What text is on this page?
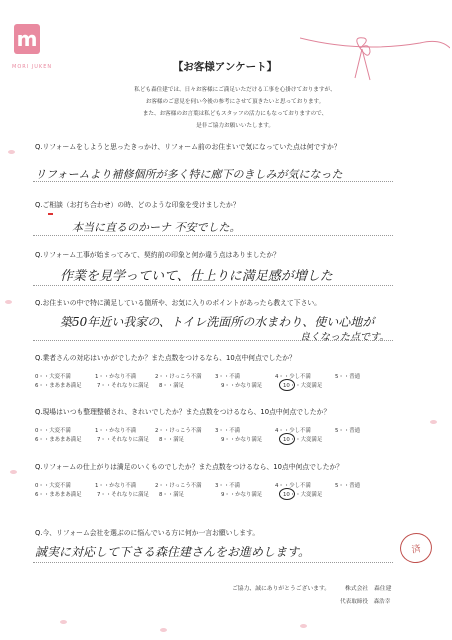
m
MORI JUKEN	【お客様アンケート】
私ども森住建では、日々お客様にご満足いただける工事を心掛けておりますが、
お客様のご意見を伺い今後の参考にさせて頂きたいと思っております。
また、お客様のお言葉は私どもスタッフの活力にもなっておりますので、
是非ご協力お願いいたします。
Q.リフォームをしようと思ったきっかけ、リフォーム前のお住まいで気になっていた点は何ですか？
リフォームより補修個所が多く特に廊下のきしみが気になった
Q.ご相談（お打ち合わせ）の時、どのような印象を受けましたか？
本当に直るのかーナ 不安でした。
Q.リフォーム工事が始まってみて、契約前の印象と何か違う点はありましたか？
作業を見学っていて、仕上りに満足感が増した
Q.お住まいの中で特に満足している箇所や、お気に入りのポイントがあったら教えて下さい。
築50年近い我家の、トイレ洗面所の水まわり、使い心地が
良くなった点です。
Q.業者さんの対応はいかがでしたか？また点数をつけるなら、10点中何点でしたか？
0・・大変不満	1・・かなり不満	2・・けっこう不満	3・・不満	4・・少し不満	5・・普通
6・・まあまあ満足	7・・それなりに満足	8・・満足	9・・かなり満足	10・・大変満足
Q.現場はいつも整理整頓され、きれいでしたか？また点数をつけるなら、10点中何点でしたか？
0・・大変不満	1・・かなり不満	2・・けっこう不満	3・・不満	4・・少し不満	5・・普通
6・・まあまあ満足	7・・それなりに満足	8・・満足	9・・かなり満足	10・・大変満足
Q.リフォームの仕上がりは満足のいくものでしたか？また点数をつけるなら、10点中何点でしたか？
0・・大変不満	1・・かなり不満	2・・けっこう不満	3・・不満	4・・少し不満	5・・普通
6・・まあまあ満足	7・・それなりに満足	8・・満足	9・・かなり満足	10・・大変満足
Q.今、リフォーム会社を選ぶのに悩んでいる方に何か一言お願いします。
誠実に対応して下さる森住建さんをお進めします。	済
ご協力、誠にありがとうございます。	株式会社　森住建
代表取締役　森浩幸
